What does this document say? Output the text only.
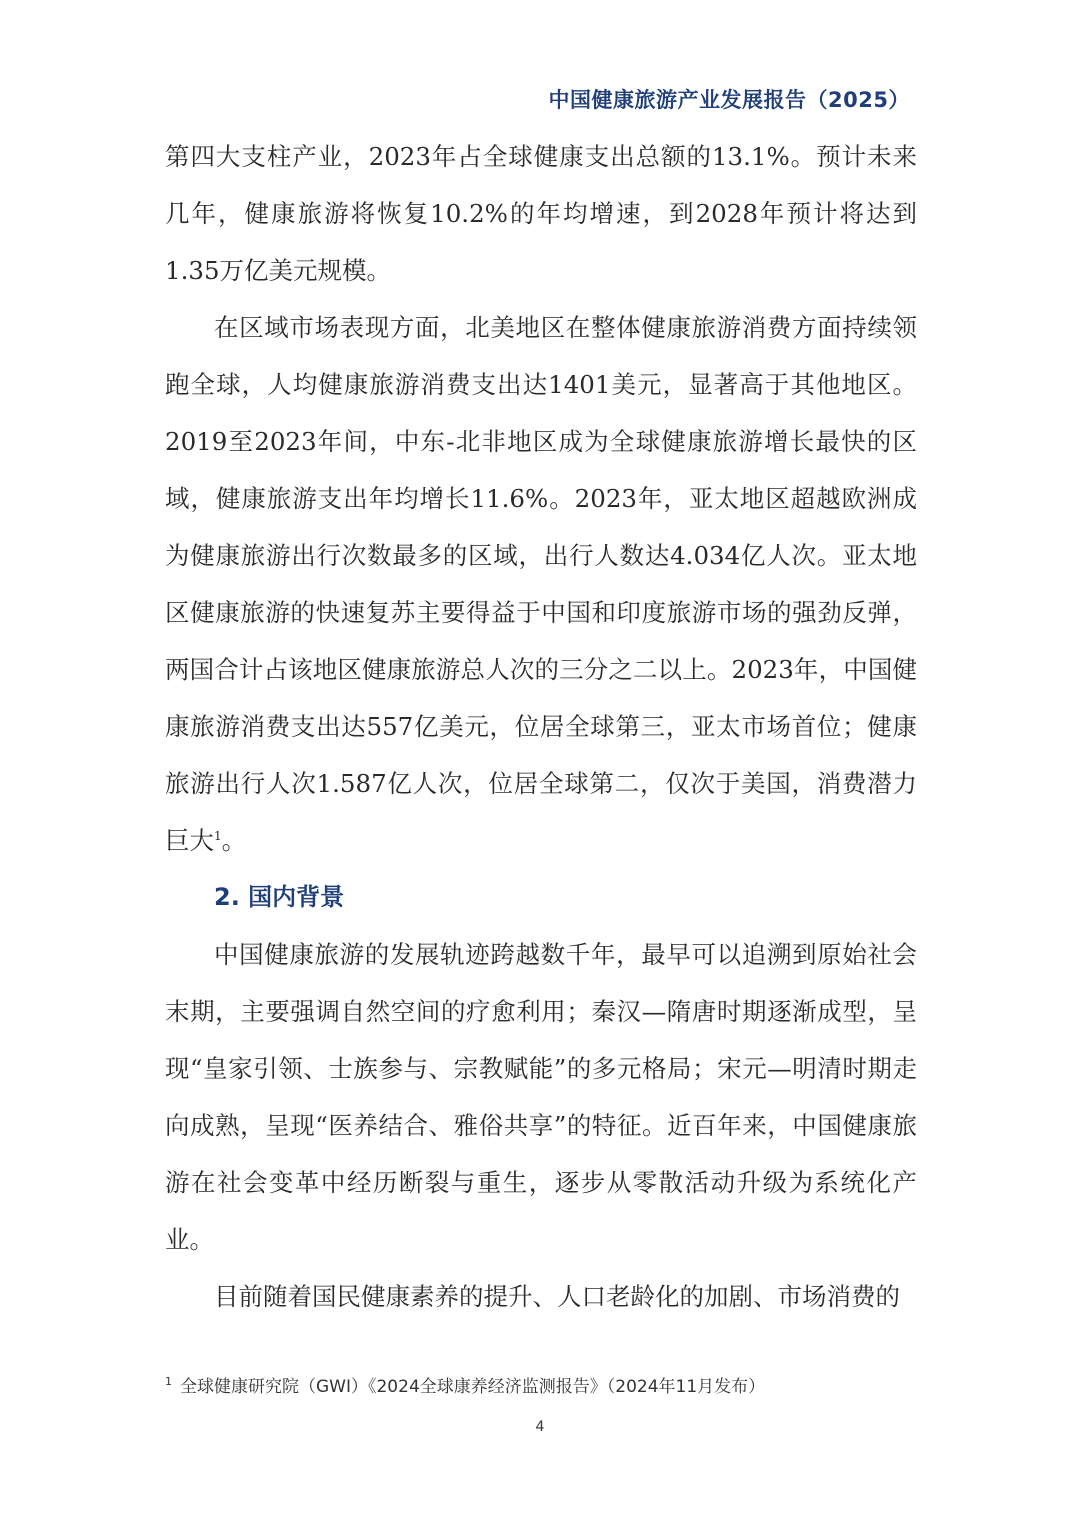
中国健康旅游产业发展报告（2025）

第四大支柱产业，2023年占全球健康支出总额的13.1%。预计未来几年，健康旅游将恢复10.2%的年均增速，到2028年预计将达到1.35万亿美元规模。

在区域市场表现方面，北美地区在整体健康旅游消费方面持续领跑全球，人均健康旅游消费支出达1401美元，显著高于其他地区。2019至2023年间，中东-北非地区成为全球健康旅游增长最快的区域，健康旅游支出年均增长11.6%。2023年，亚太地区超越欧洲成为健康旅游出行次数最多的区域，出行人数达4.034亿人次。亚太地区健康旅游的快速复苏主要得益于中国和印度旅游市场的强劲反弹，两国合计占该地区健康旅游总人次的三分之二以上。2023年，中国健康旅游消费支出达557亿美元，位居全球第三，亚太市场首位；健康旅游出行人次1.587亿人次，位居全球第二，仅次于美国，消费潜力巨大$^1$。

2. 国内背景

中国健康旅游的发展轨迹跨越数千年，最早可以追溯到原始社会末期，主要强调自然空间的疗愈利用；秦汉—隋唐时期逐渐成型，呈现“皇家引领、士族参与、宗教赋能”的多元格局；宋元—明清时期走向成熟，呈现“医养结合、雅俗共享”的特征。近百年来，中国健康旅游在社会变革中经历断裂与重生，逐步从零散活动升级为系统化产业。

目前随着国民健康素养的提升、人口老龄化的加剧、市场消费的

$^1$ 全球健康研究院（GWI）《2024全球康养经济监测报告》（2024年11月发布）
4
